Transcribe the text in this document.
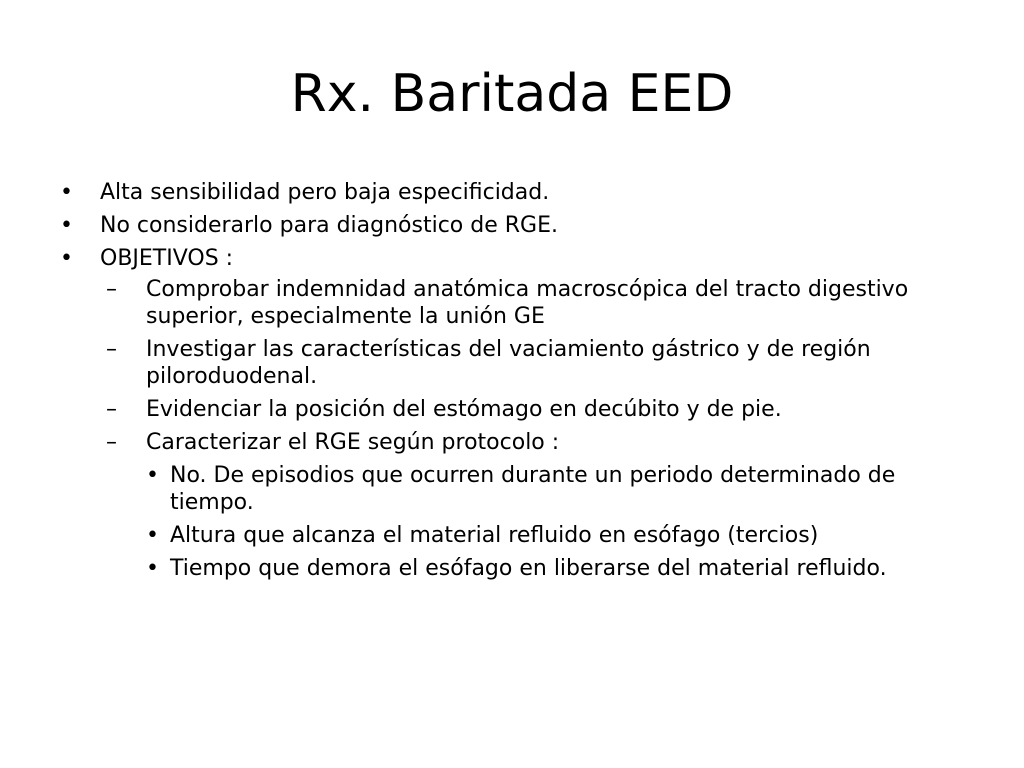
Rx. Baritada EED
•	Alta sensibilidad pero baja especificidad.
•	No considerarlo para diagnóstico de RGE.
•	OBJETIVOS :
–	Comprobar indemnidad anatómica macroscópica del tracto digestivo superior, especialmente la unión GE
–	Investigar las características del vaciamiento gástrico y de región piloroduodenal.
–	Evidenciar la posición del estómago en decúbito y de pie.
–	Caracterizar el RGE según protocolo :
• No. De episodios que ocurren durante un periodo determinado de tiempo.
• Altura que alcanza el material refluido en esófago (tercios)
• Tiempo que demora el esófago en liberarse del material refluido.
